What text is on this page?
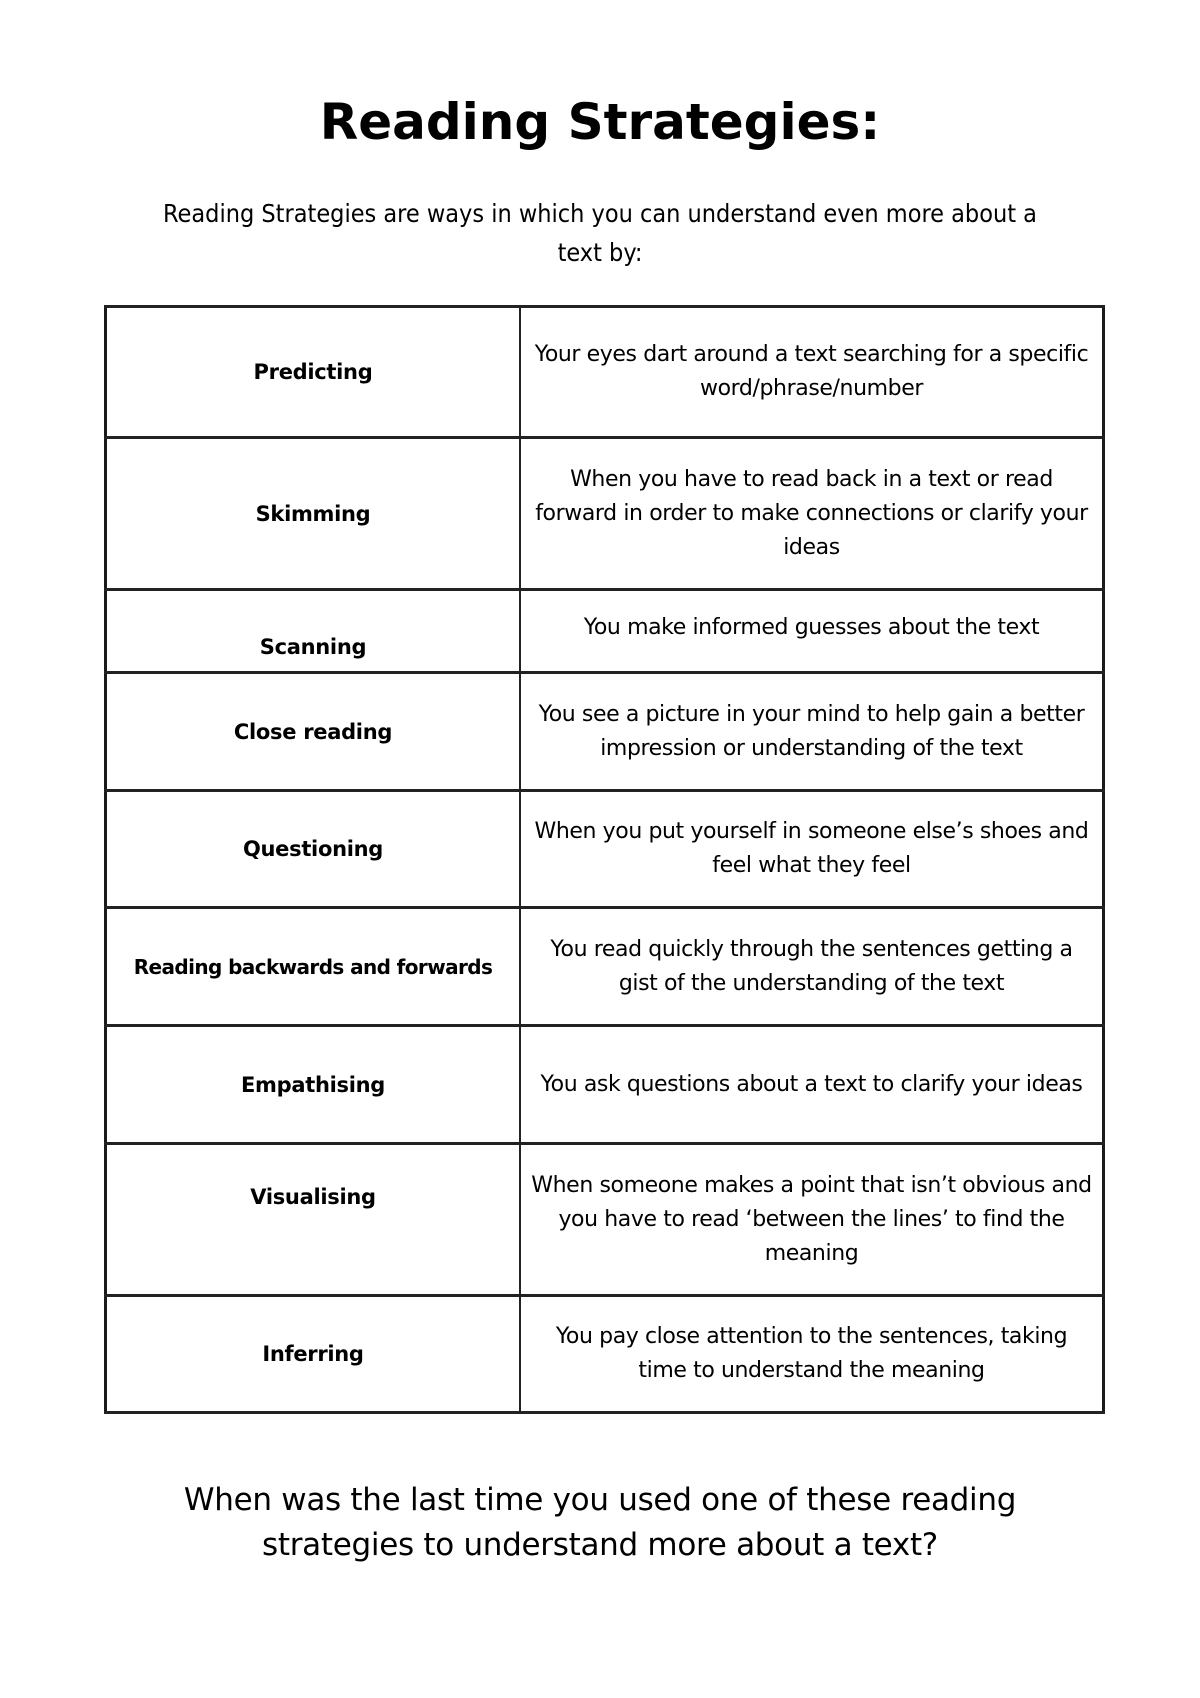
Reading Strategies:
Reading Strategies are ways in which you can understand even more about a text by:
Predicting	Your eyes dart around a text searching for a specific word/phrase/number
Skimming	When you have to read back in a text or read forward in order to make connections or clarify your ideas
Scanning	You make informed guesses about the text
Close reading	You see a picture in your mind to help gain a better impression or understanding of the text
Questioning	When you put yourself in someone else’s shoes and feel what they feel
Reading backwards and forwards	You read quickly through the sentences getting a gist of the understanding of the text
Empathising	You ask questions about a text to clarify your ideas
Visualising	When someone makes a point that isn’t obvious and you have to read ‘between the lines’ to find the meaning
Inferring	You pay close attention to the sentences, taking time to understand the meaning
When was the last time you used one of these reading strategies to understand more about a text?
